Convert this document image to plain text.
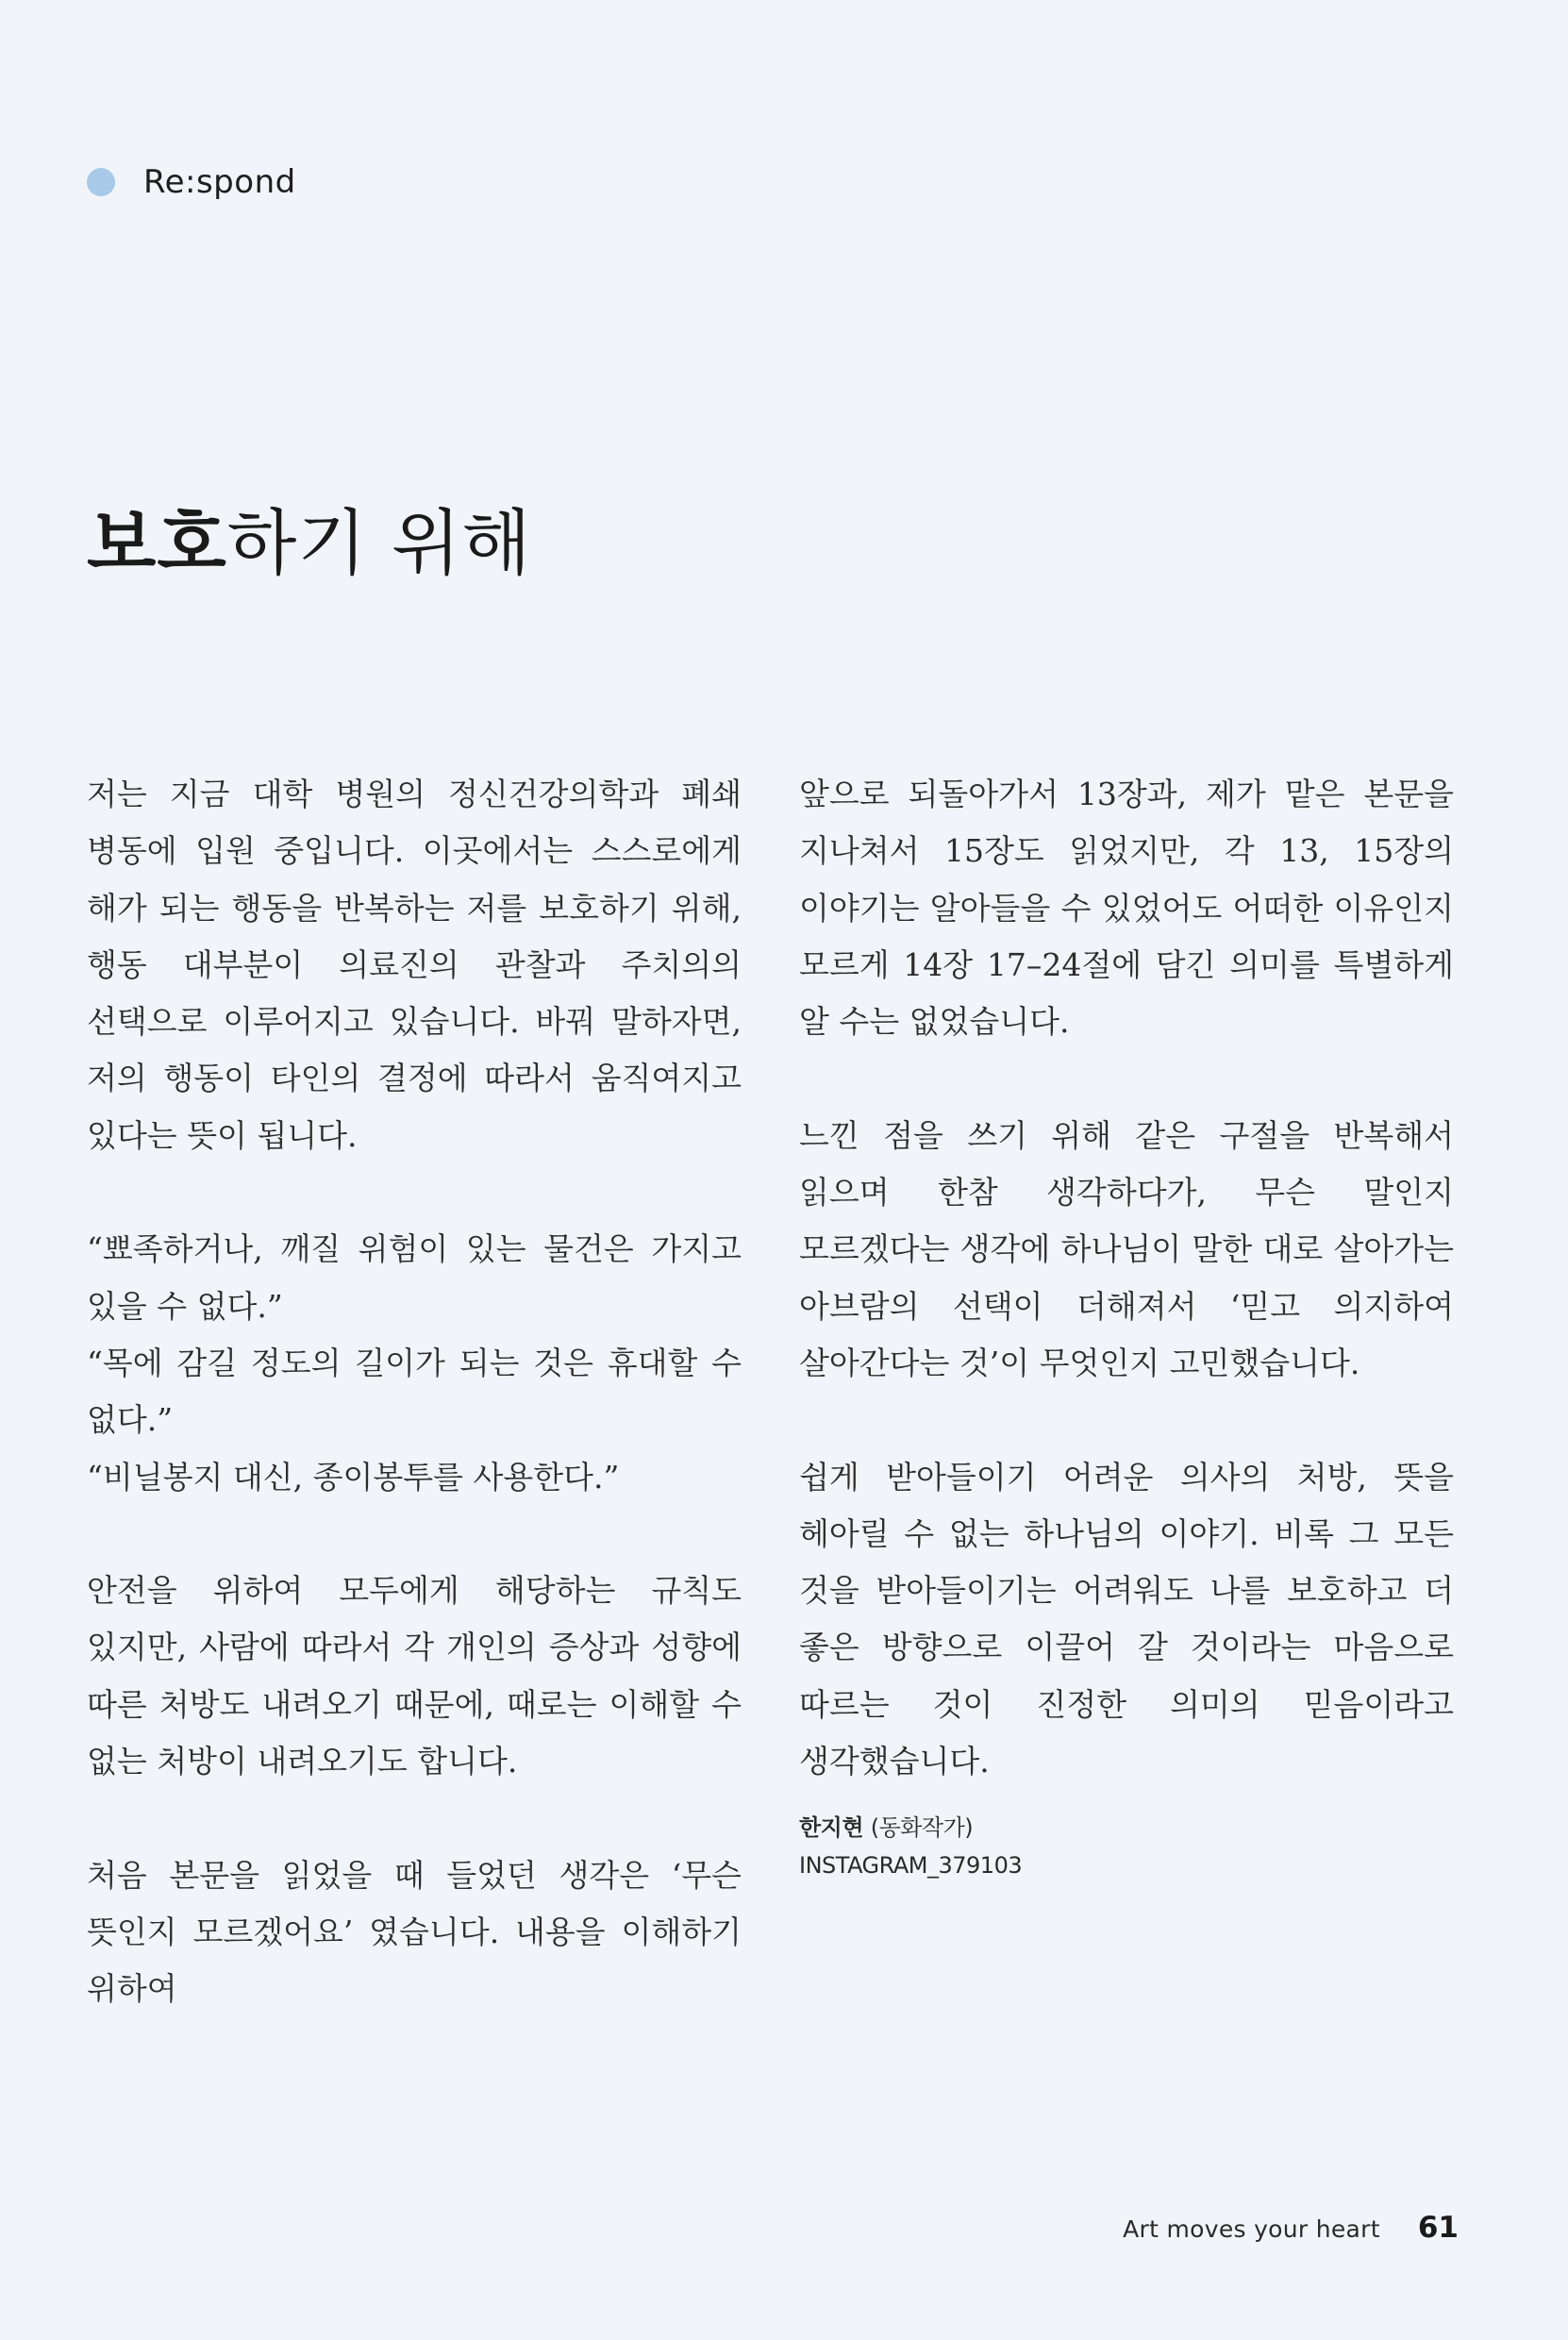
Re:spond
보호하기 위해

저는 지금 대학 병원의 정신건강의학과 폐쇄 병동에 입원 중입니다. 이곳에서는 스스로에게 해가 되는 행동을 반복하는 저를 보호하기 위해, 행동 대부분이 의료진의 관찰과 주치의의 선택으로 이루어지고 있습니다. 바꿔 말하자면, 저의 행동이 타인의 결정에 따라서 움직여지고 있다는 뜻이 됩니다.

“뾰족하거나, 깨질 위험이 있는 물건은 가지고 있을 수 없다.”

“목에 감길 정도의 길이가 되는 것은 휴대할 수 없다.”

“비닐봉지 대신, 종이봉투를 사용한다.”

안전을 위하여 모두에게 해당하는 규칙도 있지만, 사람에 따라서 각 개인의 증상과 성향에 따른 처방도 내려오기 때문에, 때로는 이해할 수 없는 처방이 내려오기도 합니다.

처음 본문을 읽었을 때 들었던 생각은 ‘무슨 뜻인지 모르겠어요’ 였습니다. 내용을 이해하기 위하여

앞으로 되돌아가서 13장과, 제가 맡은 본문을 지나쳐서 15장도 읽었지만, 각 13, 15장의 이야기는 알아들을 수 있었어도 어떠한 이유인지 모르게 14장 17–24절에 담긴 의미를 특별하게 알 수는 없었습니다.

느낀 점을 쓰기 위해 같은 구절을 반복해서 읽으며 한참 생각하다가, 무슨 말인지 모르겠다는 생각에 하나님이 말한 대로 살아가는 아브람의 선택이 더해져서 ‘믿고 의지하여 살아간다는 것’이 무엇인지 고민했습니다.

쉽게 받아들이기 어려운 의사의 처방, 뜻을 헤아릴 수 없는 하나님의 이야기. 비록 그 모든 것을 받아들이기는 어려워도 나를 보호하고 더 좋은 방향으로 이끌어 갈 것이라는 마음으로 따르는 것이 진정한 의미의 믿음이라고 생각했습니다.

한지현 (동화작가)
INSTAGRAM_379103
Art moves your heart 61
